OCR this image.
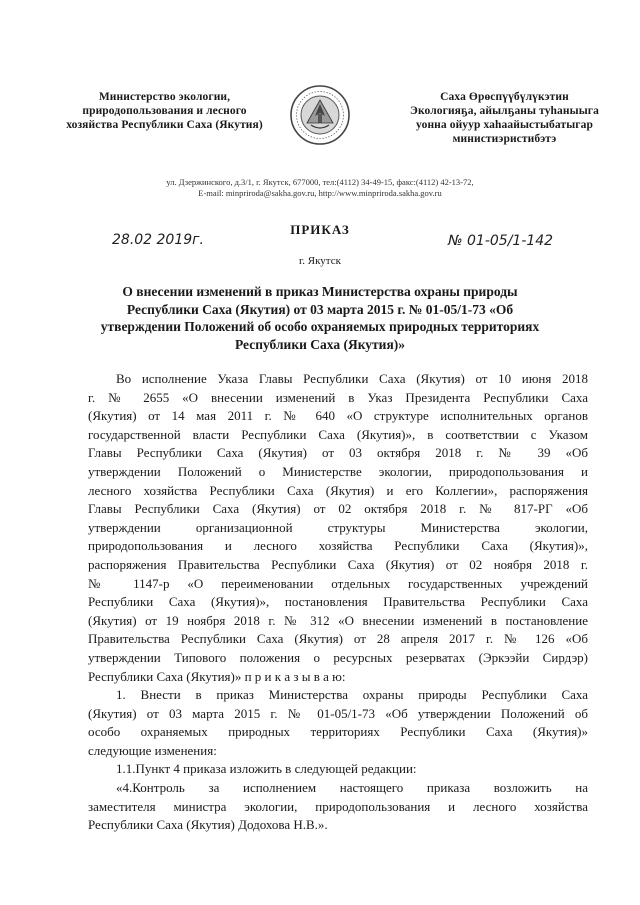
Министерство экологии,
природопользования и лесного
хозяйства Республики Саха (Якутия)
Саха Өрөспүүбүлүкэтин
Экологияҕа, айылҕаны туһаныыга
уонна ойуур хаһаайыстыбатыгар
министиэристибэтэ
ул. Дзержинского, д.3/1, г. Якутск, 677000, тел:(4112) 34-49-15, факс:(4112) 42-13-72,
E-mail: minpriroda@sakha.gov.ru, http://www.minpriroda.sakha.gov.ru
ПРИКАЗ
28.02 2019г.	№ 01-05/1-142
г. Якутск
О внесении изменений в приказ Министерства охраны природы
Республики Саха (Якутия) от 03 марта 2015 г. № 01-05/1-73 «Об
утверждении Положений об особо охраняемых природных территориях
Республики Саха (Якутия)»
Во исполнение Указа Главы Республики Саха (Якутия) от 10 июня 2018
г. № 2655 «О внесении изменений в Указ Президента Республики Саха
(Якутия) от 14 мая 2011 г. № 640 «О структуре исполнительных органов
государственной власти Республики Саха (Якутия)», в соответствии с Указом
Главы Республики Саха (Якутия) от 03 октября 2018 г. № 39 «Об
утверждении Положений о Министерстве экологии, природопользования и
лесного хозяйства Республики Саха (Якутия) и его Коллегии», распоряжения
Главы Республики Саха (Якутия) от 02 октября 2018 г. № 817-РГ «Об
утверждении организационной структуры Министерства экологии,
природопользования и лесного хозяйства Республики Саха (Якутия)»,
распоряжения Правительства Республики Саха (Якутия) от 02 ноября 2018 г.
№ 1147-р «О переименовании отдельных государственных учреждений
Республики Саха (Якутия)», постановления Правительства Республики Саха
(Якутия) от 19 ноября 2018 г. № 312 «О внесении изменений в постановление
Правительства Республики Саха (Якутия) от 28 апреля 2017 г. № 126 «Об
утверждении Типового положения о ресурсных резерватах (Эркээйи Сирдэр)
Республики Саха (Якутия)» п р и к а з ы в а ю:
1. Внести в приказ Министерства охраны природы Республики Саха
(Якутия) от 03 марта 2015 г. № 01-05/1-73 «Об утверждении Положений об
особо охраняемых природных территориях Республики Саха (Якутия)»
следующие изменения:
1.1.Пункт 4 приказа изложить в следующей редакции:
«4.Контроль за исполнением настоящего приказа возложить на
заместителя министра экологии, природопользования и лесного хозяйства
Республики Саха (Якутия) Додохова Н.В.».
